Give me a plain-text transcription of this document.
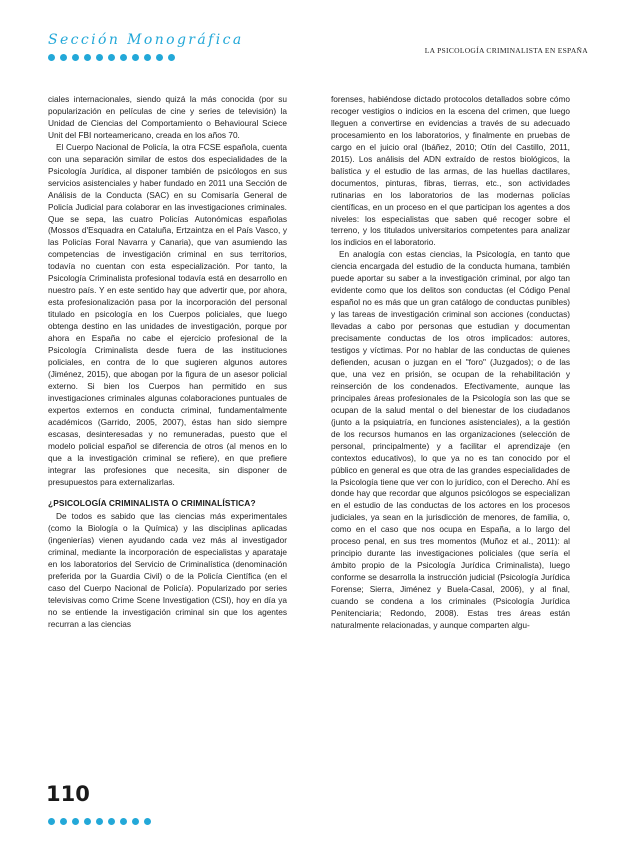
Sección Monográfica
LA PSICOLOGÍA CRIMINALISTA EN ESPAÑA

ciales internacionales, siendo quizá la más conocida (por su popularización en películas de cine y series de televisión) la Unidad de Ciencias del Comportamiento o Behavioural Sciece Unit del FBI norteamericano, creada en los años 70.

El Cuerpo Nacional de Policía, la otra FCSE española, cuenta con una separación similar de estos dos especialidades de la Psicología Jurídica, al disponer también de psicólogos en sus servicios asistenciales y haber fundado en 2011 una Sección de Análisis de la Conducta (SAC) en su Comisaría General de Policía Judicial para colaborar en las investigaciones criminales. Que se sepa, las cuatro Policías Autonómicas españolas (Mossos d'Esquadra en Cataluña, Ertzaintza en el País Vasco, y las Policías Foral Navarra y Canaria), que van asumiendo las competencias de investigación criminal en sus territorios, todavía no cuentan con esta especialización. Por tanto, la Psicología Criminalista profesional todavía está en desarrollo en nuestro país. Y en este sentido hay que advertir que, por ahora, esta profesionalización pasa por la incorporación del personal titulado en psicología en los Cuerpos policiales, que luego obtenga destino en las unidades de investigación, porque por ahora en España no cabe el ejercicio profesional de la Psicología Criminalista desde fuera de las instituciones policiales, en contra de lo que sugieren algunos autores (Jiménez, 2015), que abogan por la figura de un asesor policial externo. Si bien los Cuerpos han permitido en sus investigaciones criminales algunas colaboraciones puntuales de expertos externos en conducta criminal, fundamentalmente académicos (Garrido, 2005, 2007), éstas han sido siempre escasas, desinteresadas y no remuneradas, puesto que el modelo policial español se diferencia de otros (al menos en lo que a la investigación criminal se refiere), en que prefiere integrar las profesiones que necesita, sin disponer de presupuestos para externalizarlas.

¿PSICOLOGÍA CRIMINALISTA O CRIMINALÍSTICA?

De todos es sabido que las ciencias más experimentales (como la Biología o la Química) y las disciplinas aplicadas (ingenierías) vienen ayudando cada vez más al investigador criminal, mediante la incorporación de especialistas y aparataje en los laboratorios del Servicio de Criminalística (denominación preferida por la Guardia Civil) o de la Policía Científica (en el caso del Cuerpo Nacional de Policía). Popularizado por series televisivas como Crime Scene Investigation (CSI), hoy en día ya no se entiende la investigación criminal sin que los agentes recurran a las ciencias

forenses, habiéndose dictado protocolos detallados sobre cómo recoger vestigios o indicios en la escena del crimen, que luego lleguen a convertirse en evidencias a través de su adecuado procesamiento en los laboratorios, y finalmente en pruebas de cargo en el juicio oral (Ibáñez, 2010; Otín del Castillo, 2011, 2015). Los análisis del ADN extraído de restos biológicos, la balística y el estudio de las armas, de las huellas dactilares, documentos, pinturas, fibras, tierras, etc., son actividades rutinarias en los laboratorios de las modernas policías científicas, en un proceso en el que participan los agentes a dos niveles: los especialistas que saben qué recoger sobre el terreno, y los titulados universitarios competentes para analizar los indicios en el laboratorio.

En analogía con estas ciencias, la Psicología, en tanto que ciencia encargada del estudio de la conducta humana, también puede aportar su saber a la investigación criminal, por algo tan evidente como que los delitos son conductas (el Código Penal español no es más que un gran catálogo de conductas punibles) y las tareas de investigación criminal son acciones (conductas) llevadas a cabo por personas que estudian y documentan precisamente conductas de los otros implicados: autores, testigos y víctimas. Por no hablar de las conductas de quienes defienden, acusan o juzgan en el "foro" (Juzgados); o de las que, una vez en prisión, se ocupan de la rehabilitación y reinserción de los condenados. Efectivamente, aunque las principales áreas profesionales de la Psicología son las que se ocupan de la salud mental o del bienestar de los ciudadanos (junto a la psiquiatría, en funciones asistenciales), a la gestión de los recursos humanos en las organizaciones (selección de personal, principalmente) y a facilitar el aprendizaje (en contextos educativos), lo que ya no es tan conocido por el público en general es que otra de las grandes especialidades de la Psicología tiene que ver con lo jurídico, con el Derecho. Ahí es donde hay que recordar que algunos psicólogos se especializan en el estudio de las conductas de los actores en los procesos judiciales, ya sean en la jurisdicción de menores, de familia, o, como en el caso que nos ocupa en España, a lo largo del proceso penal, en sus tres momentos (Muñoz et al., 2011): al principio durante las investigaciones policiales (que sería el ámbito propio de la Psicología Jurídica Criminalista), luego conforme se desarrolla la instrucción judicial (Psicología Jurídica Forense; Sierra, Jiménez y Buela-Casal, 2006), y al final, cuando se condena a los criminales (Psicología Jurídica Penitenciaria; Redondo, 2008). Estas tres áreas están naturalmente relacionadas, y aunque comparten algu-

110
